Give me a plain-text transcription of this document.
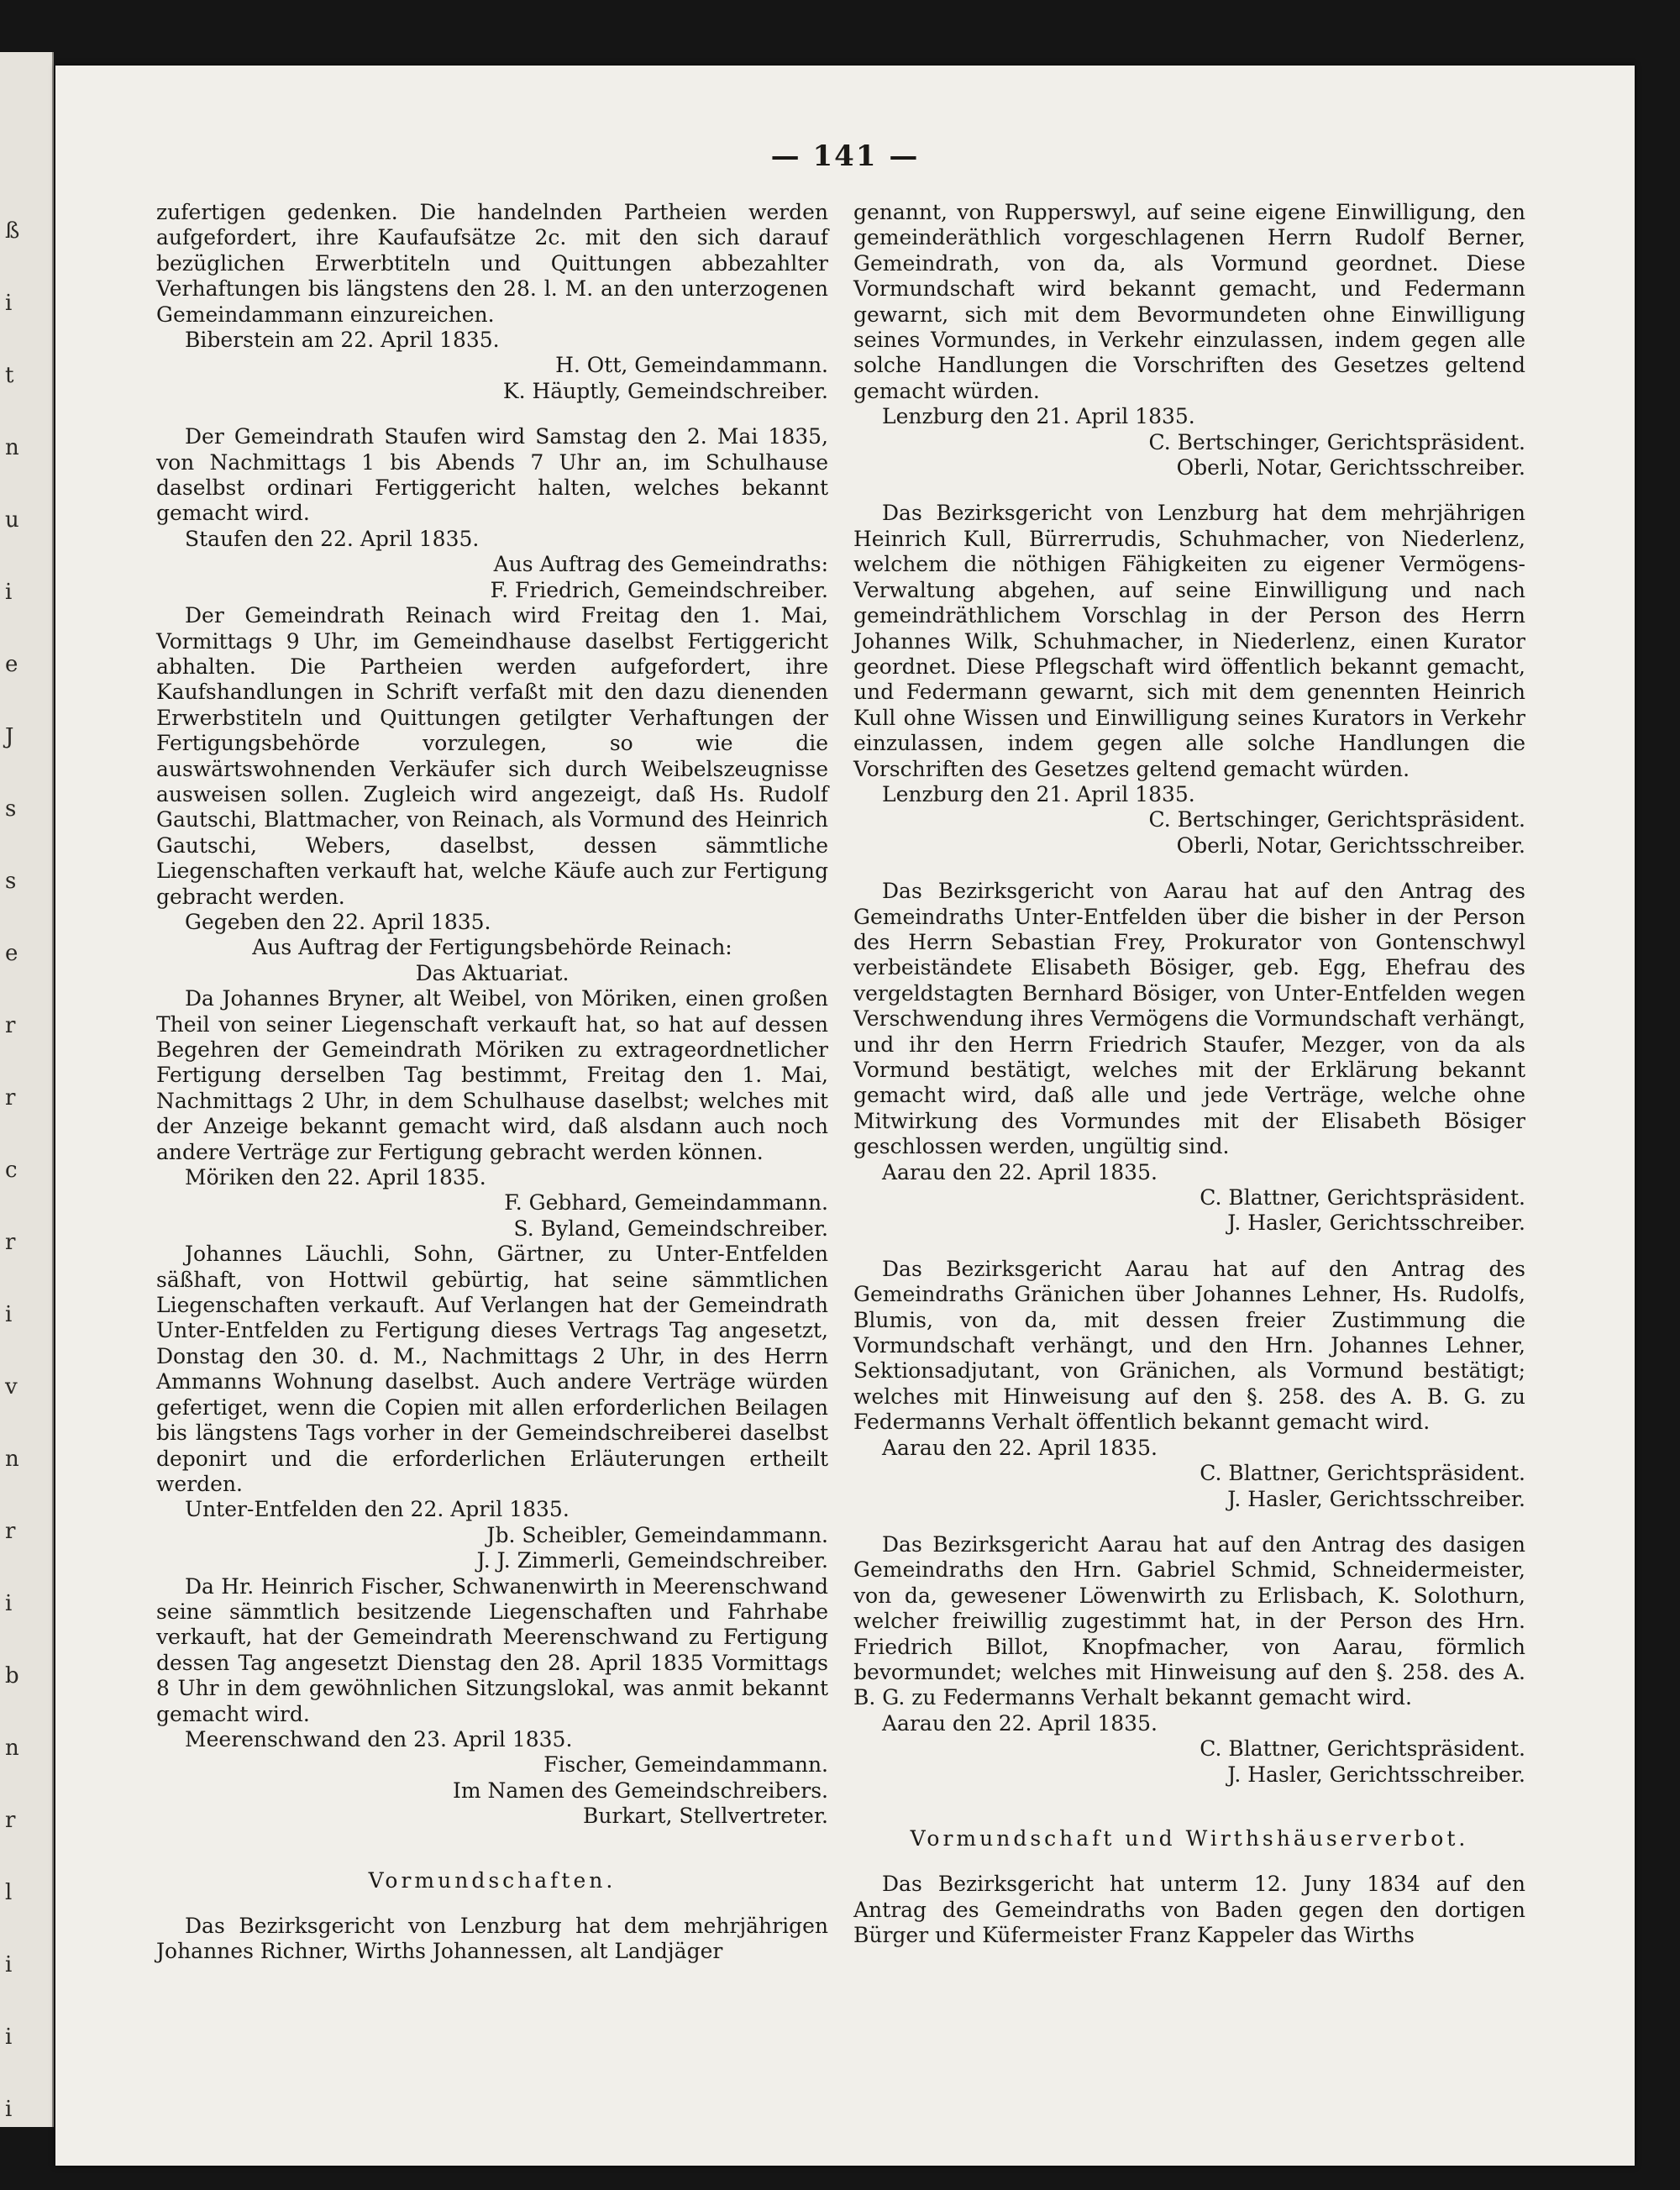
ß
i
t
n
u
i
e
J
s
s
e
r
r
c
r
i
v
n
r
i
b
n
r
l
i
i
i
— 141 —

zufertigen gedenken. Die handelnden Partheien werden aufgefordert, ihre Kaufaufsätze 2c. mit den sich darauf bezüglichen Erwerbtiteln und Quittungen abbezahlter Verhaftungen bis längstens den 28. l. M. an den unterzogenen Gemeindammann einzureichen.

Biberstein am 22. April 1835.

H. Ott, Gemeindammann.

K. Häuptly, Gemeindschreiber.

Der Gemeindrath Staufen wird Samstag den 2. Mai 1835, von Nachmittags 1 bis Abends 7 Uhr an, im Schulhause daselbst ordinari Fertiggericht halten, welches bekannt gemacht wird.

Staufen den 22. April 1835.

Aus Auftrag des Gemeindraths:

F. Friedrich, Gemeindschreiber.

Der Gemeindrath Reinach wird Freitag den 1. Mai, Vormittags 9 Uhr, im Gemeindhause daselbst Fertiggericht abhalten. Die Partheien werden aufgefordert, ihre Kaufshandlungen in Schrift verfaßt mit den dazu dienenden Erwerbstiteln und Quittungen getilgter Verhaftungen der Fertigungsbehörde vorzulegen, so wie die auswärtswohnenden Verkäufer sich durch Weibelszeugnisse ausweisen sollen. Zugleich wird angezeigt, daß Hs. Rudolf Gautschi, Blattmacher, von Reinach, als Vormund des Heinrich Gautschi, Webers, daselbst, dessen sämmtliche Liegenschaften verkauft hat, welche Käufe auch zur Fertigung gebracht werden.

Gegeben den 22. April 1835.

Aus Auftrag der Fertigungsbehörde Reinach:

Das Aktuariat.

Da Johannes Bryner, alt Weibel, von Möriken, einen großen Theil von seiner Liegenschaft verkauft hat, so hat auf dessen Begehren der Gemeindrath Möriken zu extrageordnetlicher Fertigung derselben Tag bestimmt, Freitag den 1. Mai, Nachmittags 2 Uhr, in dem Schulhause daselbst; welches mit der Anzeige bekannt gemacht wird, daß alsdann auch noch andere Verträge zur Fertigung gebracht werden können.

Möriken den 22. April 1835.

F. Gebhard, Gemeindammann.

S. Byland, Gemeindschreiber.

Johannes Läuchli, Sohn, Gärtner, zu Unter-Entfelden säßhaft, von Hottwil gebürtig, hat seine sämmtlichen Liegenschaften verkauft. Auf Verlangen hat der Gemeindrath Unter-Entfelden zu Fertigung dieses Vertrags Tag angesetzt, Donstag den 30. d. M., Nachmittags 2 Uhr, in des Herrn Ammanns Wohnung daselbst. Auch andere Verträge würden gefertiget, wenn die Copien mit allen erforderlichen Beilagen bis längstens Tags vorher in der Gemeindschreiberei daselbst deponirt und die erforderlichen Erläuterungen ertheilt werden.

Unter-Entfelden den 22. April 1835.

Jb. Scheibler, Gemeindammann.

J. J. Zimmerli, Gemeindschreiber.

Da Hr. Heinrich Fischer, Schwanenwirth in Meerenschwand seine sämmtlich besitzende Liegenschaften und Fahrhabe verkauft, hat der Gemeindrath Meerenschwand zu Fertigung dessen Tag angesetzt Dienstag den 28. April 1835 Vormittags 8 Uhr in dem gewöhnlichen Sitzungslokal, was anmit bekannt gemacht wird.

Meerenschwand den 23. April 1835.

Fischer, Gemeindammann.

Im Namen des Gemeindschreibers.

Burkart, Stellvertreter.

Vormundschaften.

Das Bezirksgericht von Lenzburg hat dem mehrjährigen Johannes Richner, Wirths Johannessen, alt Landjäger

genannt, von Rupperswyl, auf seine eigene Einwilligung, den gemeinderäthlich vorgeschlagenen Herrn Rudolf Berner, Gemeindrath, von da, als Vormund geordnet. Diese Vormundschaft wird bekannt gemacht, und Federmann gewarnt, sich mit dem Bevormundeten ohne Einwilligung seines Vormundes, in Verkehr einzulassen, indem gegen alle solche Handlungen die Vorschriften des Gesetzes geltend gemacht würden.

Lenzburg den 21. April 1835.

C. Bertschinger, Gerichtspräsident.

Oberli, Notar, Gerichtsschreiber.

Das Bezirksgericht von Lenzburg hat dem mehrjährigen Heinrich Kull, Bürrerrudis, Schuhmacher, von Niederlenz, welchem die nöthigen Fähigkeiten zu eigener Vermögens-Verwaltung abgehen, auf seine Einwilligung und nach gemeindräthlichem Vorschlag in der Person des Herrn Johannes Wilk, Schuhmacher, in Niederlenz, einen Kurator geordnet. Diese Pflegschaft wird öffentlich bekannt gemacht, und Federmann gewarnt, sich mit dem genennten Heinrich Kull ohne Wissen und Einwilligung seines Kurators in Verkehr einzulassen, indem gegen alle solche Handlungen die Vorschriften des Gesetzes geltend gemacht würden.

Lenzburg den 21. April 1835.

C. Bertschinger, Gerichtspräsident.

Oberli, Notar, Gerichtsschreiber.

Das Bezirksgericht von Aarau hat auf den Antrag des Gemeindraths Unter-Entfelden über die bisher in der Person des Herrn Sebastian Frey, Prokurator von Gontenschwyl verbeiständete Elisabeth Bösiger, geb. Egg, Ehefrau des vergeldstagten Bernhard Bösiger, von Unter-Entfelden wegen Verschwendung ihres Vermögens die Vormundschaft verhängt, und ihr den Herrn Friedrich Staufer, Mezger, von da als Vormund bestätigt, welches mit der Erklärung bekannt gemacht wird, daß alle und jede Verträge, welche ohne Mitwirkung des Vormundes mit der Elisabeth Bösiger geschlossen werden, ungültig sind.

Aarau den 22. April 1835.

C. Blattner, Gerichtspräsident.

J. Hasler, Gerichtsschreiber.

Das Bezirksgericht Aarau hat auf den Antrag des Gemeindraths Gränichen über Johannes Lehner, Hs. Rudolfs, Blumis, von da, mit dessen freier Zustimmung die Vormundschaft verhängt, und den Hrn. Johannes Lehner, Sektionsadjutant, von Gränichen, als Vormund bestätigt; welches mit Hinweisung auf den §. 258. des A. B. G. zu Federmanns Verhalt öffentlich bekannt gemacht wird.

Aarau den 22. April 1835.

C. Blattner, Gerichtspräsident.

J. Hasler, Gerichtsschreiber.

Das Bezirksgericht Aarau hat auf den Antrag des dasigen Gemeindraths den Hrn. Gabriel Schmid, Schneidermeister, von da, gewesener Löwenwirth zu Erlisbach, K. Solothurn, welcher freiwillig zugestimmt hat, in der Person des Hrn. Friedrich Billot, Knopfmacher, von Aarau, förmlich bevormundet; welches mit Hinweisung auf den §. 258. des A. B. G. zu Federmanns Verhalt bekannt gemacht wird.

Aarau den 22. April 1835.

C. Blattner, Gerichtspräsident.

J. Hasler, Gerichtsschreiber.

Vormundschaft und Wirthshäuserverbot.

Das Bezirksgericht hat unterm 12. Juny 1834 auf den Antrag des Gemeindraths von Baden gegen den dortigen Bürger und Küfermeister Franz Kappeler das Wirths
